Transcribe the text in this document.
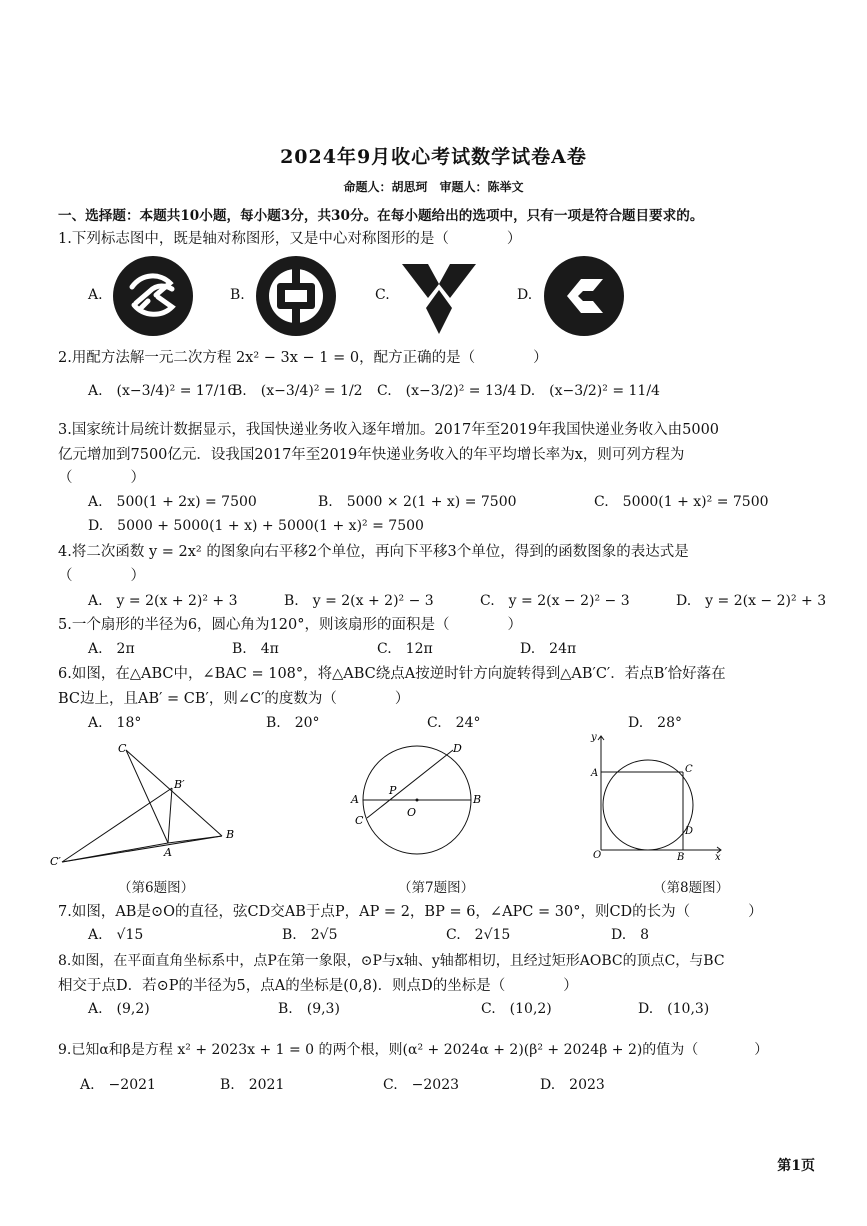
2024年9月收心考试数学试卷A卷
命题人：胡思珂　审题人：陈举文
一、选择题：本题共10小题，每小题3分，共30分。在每小题给出的选项中，只有一项是符合题目要求的。
1.下列标志图中，既是轴对称图形，又是中心对称图形的是（　　　　）
A.	B.	C.	D.
2.用配方法解一元二次方程 2x² − 3x − 1 = 0，配方正确的是（　　　　）
A.　(x−3/4)² = 17/16
B.　(x−3/4)² = 1/2 C.　(x−3/2)² = 13/4 D.　(x−3/2)² = 11/4
3.国家统计局统计数据显示，我国快递业务收入逐年增加。2017年至2019年我国快递业务收入由5000
亿元增加到7500亿元．设我国2017年至2019年快递业务收入的年平均增长率为x，则可列方程为
（　　　　）
A.　500(1 + 2x) = 7500	B.　5000 × 2(1 + x) = 7500	C.　5000(1 + x)² = 7500
D.　5000 + 5000(1 + x) + 5000(1 + x)² = 7500
4.将二次函数 y = 2x² 的图象向右平移2个单位，再向下平移3个单位，得到的函数图象的表达式是
（　　　　）
A.　y = 2(x + 2)² + 3	B.　y = 2(x + 2)² − 3	C.　y = 2(x − 2)² − 3	D.　y = 2(x − 2)² + 3
5.一个扇形的半径为6，圆心角为120°，则该扇形的面积是（　　　　）
A.　2π	B.　4π	C.　12π	D.　24π
6.如图，在△ABC中，∠BAC = 108°，将△ABC绕点A按逆时针方向旋转得到△AB′C′．若点B′恰好落在
BC边上，且AB′ = CB′，则∠C′的度数为（　　　　）
A.　18°	B.　20°	C.　24°	D.　28°
C
B′
B
A
C′
D
A
P
O
B
C
y
A	C
D
O	B	x
（第6题图）	（第7题图）	（第8题图）
7.如图，AB是⊙O的直径，弦CD交AB于点P，AP = 2，BP = 6，∠APC = 30°，则CD的长为（　　　　）
A.　√15	B.　2√5	C.　2√15	D.　8
8.如图，在平面直角坐标系中，点P在第一象限，⊙P与x轴、y轴都相切，且经过矩形AOBC的顶点C，与BC
相交于点D．若⊙P的半径为5，点A的坐标是(0,8)．则点D的坐标是（　　　　）
A.　(9,2)	B.　(9,3)	C.　(10,2)	D.　(10,3)
9.已知α和β是方程 x² + 2023x + 1 = 0 的两个根，则(α² + 2024α + 2)(β² + 2024β + 2)的值为（　　　　）
A.　−2021	B.　2021	C.　−2023	D.　2023
第1页
